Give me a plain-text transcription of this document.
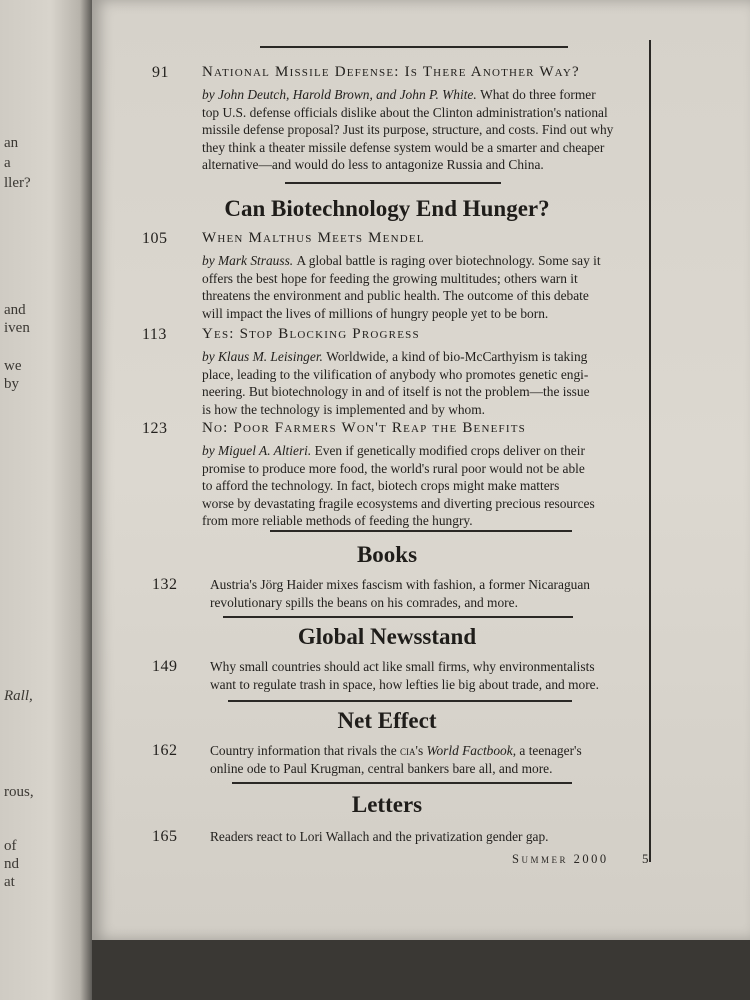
an
a
ller?
and
iven
we
by
Rall,
rous,
of
nd
at
91 National Missile Defense: Is There Another Way?
by John Deutch, Harold Brown, and John P. White. What do three former
top U.S. defense officials dislike about the Clinton administration's national
missile defense proposal? Just its purpose, structure, and costs. Find out why
they think a theater missile defense system would be a smarter and cheaper
alternative—and would do less to antagonize Russia and China.
Can Biotechnology End Hunger?
105 When Malthus Meets Mendel
by Mark Strauss. A global battle is raging over biotechnology. Some say it
offers the best hope for feeding the growing multitudes; others warn it
threatens the environment and public health. The outcome of this debate
will impact the lives of millions of hungry people yet to be born.
113 Yes: Stop Blocking Progress
by Klaus M. Leisinger. Worldwide, a kind of bio-McCarthyism is taking
place, leading to the vilification of anybody who promotes genetic engi-
neering. But biotechnology in and of itself is not the problem—the issue
is how the technology is implemented and by whom.
123 No: Poor Farmers Won't Reap the Benefits
by Miguel A. Altieri. Even if genetically modified crops deliver on their
promise to produce more food, the world's rural poor would not be able
to afford the technology. In fact, biotech crops might make matters
worse by devastating fragile ecosystems and diverting precious resources
from more reliable methods of feeding the hungry.
Books
132 Austria's Jörg Haider mixes fascism with fashion, a former Nicaraguan
revolutionary spills the beans on his comrades, and more.
Global Newsstand
149 Why small countries should act like small firms, why environmentalists
want to regulate trash in space, how lefties lie big about trade, and more.
Net Effect
162 Country information that rivals the cia's World Factbook, a teenager's
online ode to Paul Krugman, central bankers bare all, and more.
Letters
165 Readers react to Lori Wallach and the privatization gender gap.
Summer 2000	5
